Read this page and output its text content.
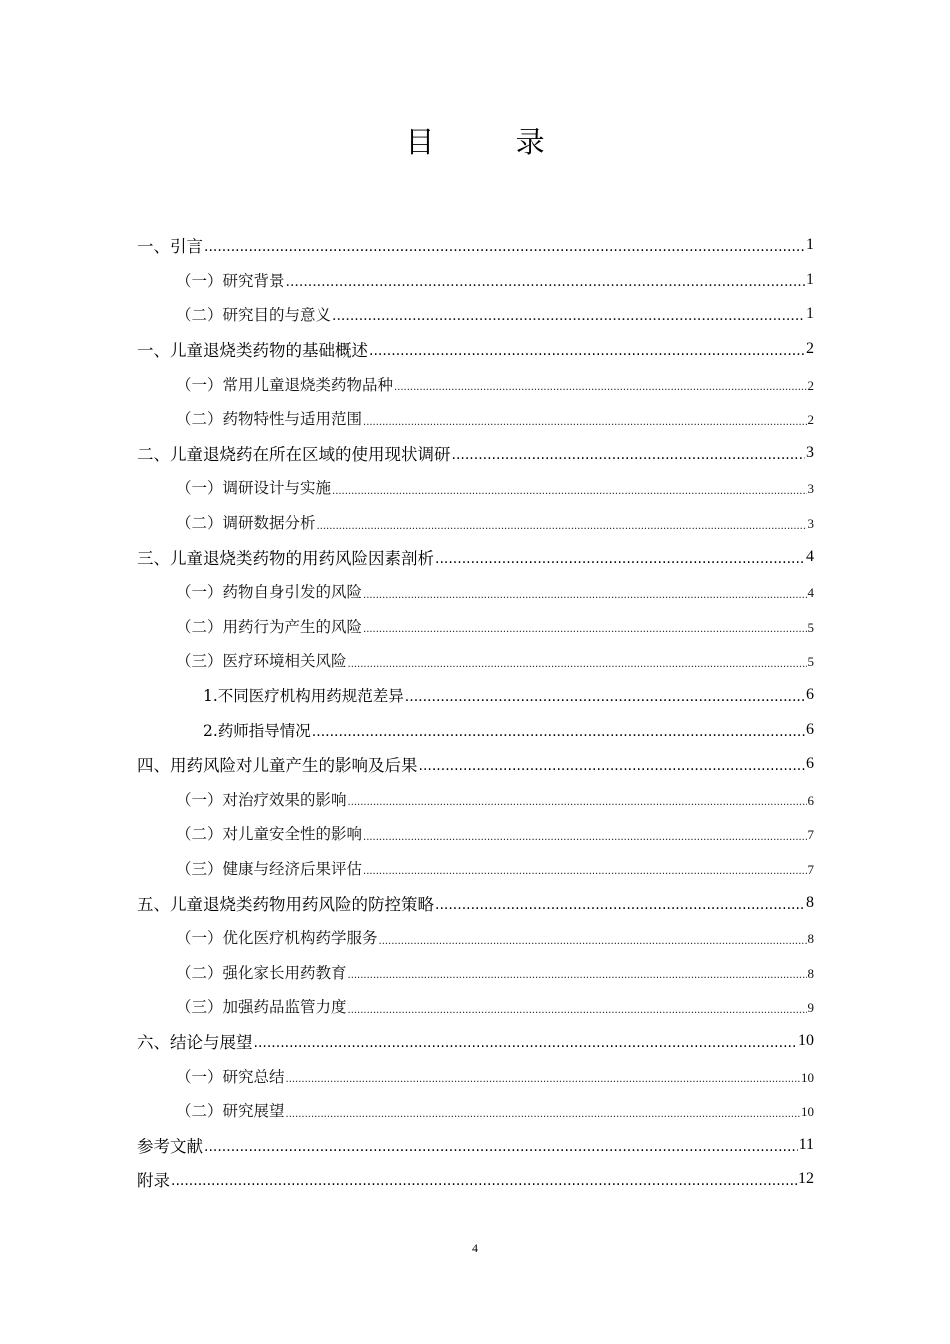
目 录
一、引言 .....	1
（一）研究背景 .....	1
（二）研究目的与意义 .....	1
一、儿童退烧类药物的基础概述 .....	2
（一）常用儿童退烧类药物品种 .....	2
（二）药物特性与适用范围 .....	2
二、儿童退烧药在所在区域的使用现状调研 .....	3
（一）调研设计与实施 .....	3
（二）调研数据分析 .....	3
三、儿童退烧类药物的用药风险因素剖析 .....	4
（一）药物自身引发的风险 .....	4
（二）用药行为产生的风险 .....	5
（三）医疗环境相关风险 .....	5
1.不同医疗机构用药规范差异 .....	6
2.药师指导情况 .....	6
四、用药风险对儿童产生的影响及后果 .....	6
（一）对治疗效果的影响 .....	6
（二）对儿童安全性的影响 .....	7
（三）健康与经济后果评估 .....	7
五、儿童退烧类药物用药风险的防控策略 .....	8
（一）优化医疗机构药学服务 .....	8
（二）强化家长用药教育 .....	8
（三）加强药品监管力度 .....	9
六、结论与展望 .....	10
（一）研究总结 .....	10
（二）研究展望 .....	10
参考文献 .....	11
附录 .....	12
4
